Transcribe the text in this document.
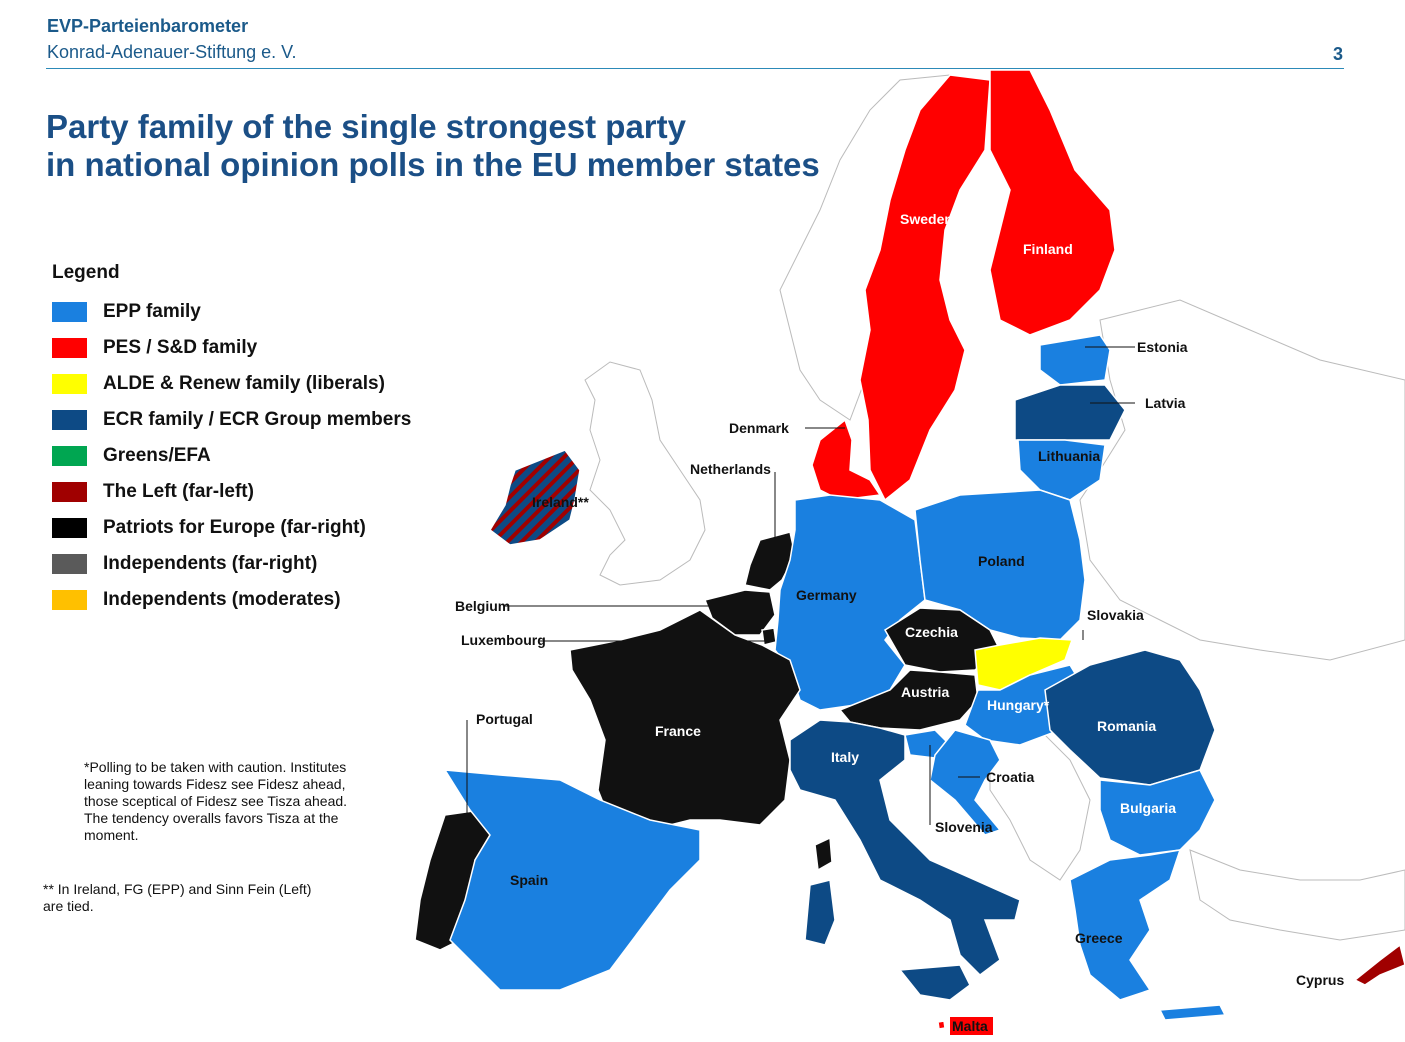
EVP-Parteienbarometer
Konrad-Adenauer-Stiftung e. V.	3
Party family of the single strongest party
in national opinion polls in the EU member states
Sweden
Finland
Estonia
Latvia
Lithuania
Denmark
Netherlands
Ireland**
Belgium
Luxembourg
Germany
Poland
Czechia
Slovakia
Austria
Hungary*
France
Portugal
Spain
Italy
Slovenia
Croatia
Romania
Bulgaria
Greece
Cyprus
Malta
Legend
EPP family
PES / S&D family
ALDE & Renew family (liberals)
ECR family / ECR Group members
Greens/EFA
The Left (far-left)
Patriots for Europe (far-right)
Independents (far-right)
Independents (moderates)
*Polling to be taken with caution. Institutes leaning towards Fidesz see Fidesz ahead, those sceptical of Fidesz see Tisza ahead. The tendency overalls favors Tisza at the moment.
** In Ireland, FG (EPP) and Sinn Fein (Left) are tied.
